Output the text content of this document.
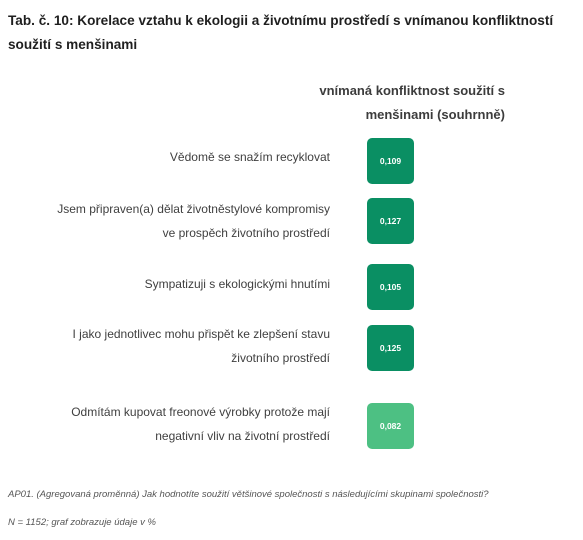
Tab. č. 10: Korelace vztahu k ekologii a životnímu prostředí s vnímanou konfliktností soužití s menšinami
vnímaná konfliktnost soužití s
menšinami (souhrnně)
Vědomě se snažím recyklovat	0,109
Jsem připraven(a) dělat životněstylové kompromisy
ve prospěch životního prostředí
0,127
Sympatizuji s ekologickými hnutími	0,105
I jako jednotlivec mohu přispět ke zlepšení stavu
životního prostředí
0,125
Odmítám kupovat freonové výrobky protože mají
negativní vliv na životní prostředí
0,082
AP01. (Agregovaná proměnná) Jak hodnotíte soužití většinové společnosti s následujícími skupinami společnosti?
N = 1152; graf zobrazuje údaje v %
